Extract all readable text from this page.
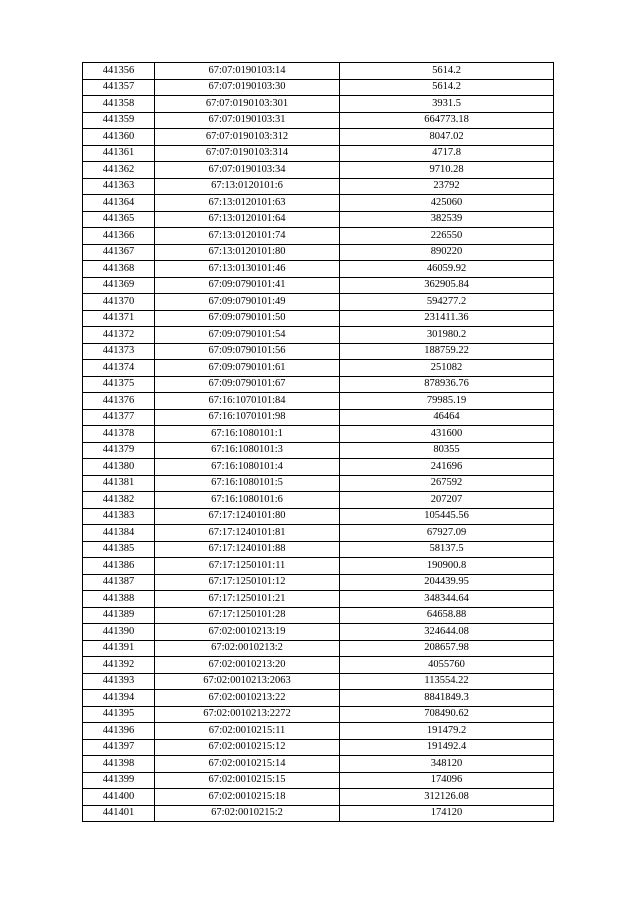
441356	67:07:0190103:14	5614.2
441357	67:07:0190103:30	5614.2
441358	67:07:0190103:301	3931.5
441359	67:07:0190103:31	664773.18
441360	67:07:0190103:312	8047.02
441361	67:07:0190103:314	4717.8
441362	67:07:0190103:34	9710.28
441363	67:13:0120101:6	23792
441364	67:13:0120101:63	425060
441365	67:13:0120101:64	382539
441366	67:13:0120101:74	226550
441367	67:13:0120101:80	890220
441368	67:13:0130101:46	46059.92
441369	67:09:0790101:41	362905.84
441370	67:09:0790101:49	594277.2
441371	67:09:0790101:50	231411.36
441372	67:09:0790101:54	301980.2
441373	67:09:0790101:56	188759.22
441374	67:09:0790101:61	251082
441375	67:09:0790101:67	878936.76
441376	67:16:1070101:84	79985.19
441377	67:16:1070101:98	46464
441378	67:16:1080101:1	431600
441379	67:16:1080101:3	80355
441380	67:16:1080101:4	241696
441381	67:16:1080101:5	267592
441382	67:16:1080101:6	207207
441383	67:17:1240101:80	105445.56
441384	67:17:1240101:81	67927.09
441385	67:17:1240101:88	58137.5
441386	67:17:1250101:11	190900.8
441387	67:17:1250101:12	204439.95
441388	67:17:1250101:21	348344.64
441389	67:17:1250101:28	64658.88
441390	67:02:0010213:19	324644.08
441391	67:02:0010213:2	208657.98
441392	67:02:0010213:20	4055760
441393	67:02:0010213:2063	113554.22
441394	67:02:0010213:22	8841849.3
441395	67:02:0010213:2272	708490.62
441396	67:02:0010215:11	191479.2
441397	67:02:0010215:12	191492.4
441398	67:02:0010215:14	348120
441399	67:02:0010215:15	174096
441400	67:02:0010215:18	312126.08
441401	67:02:0010215:2	174120
